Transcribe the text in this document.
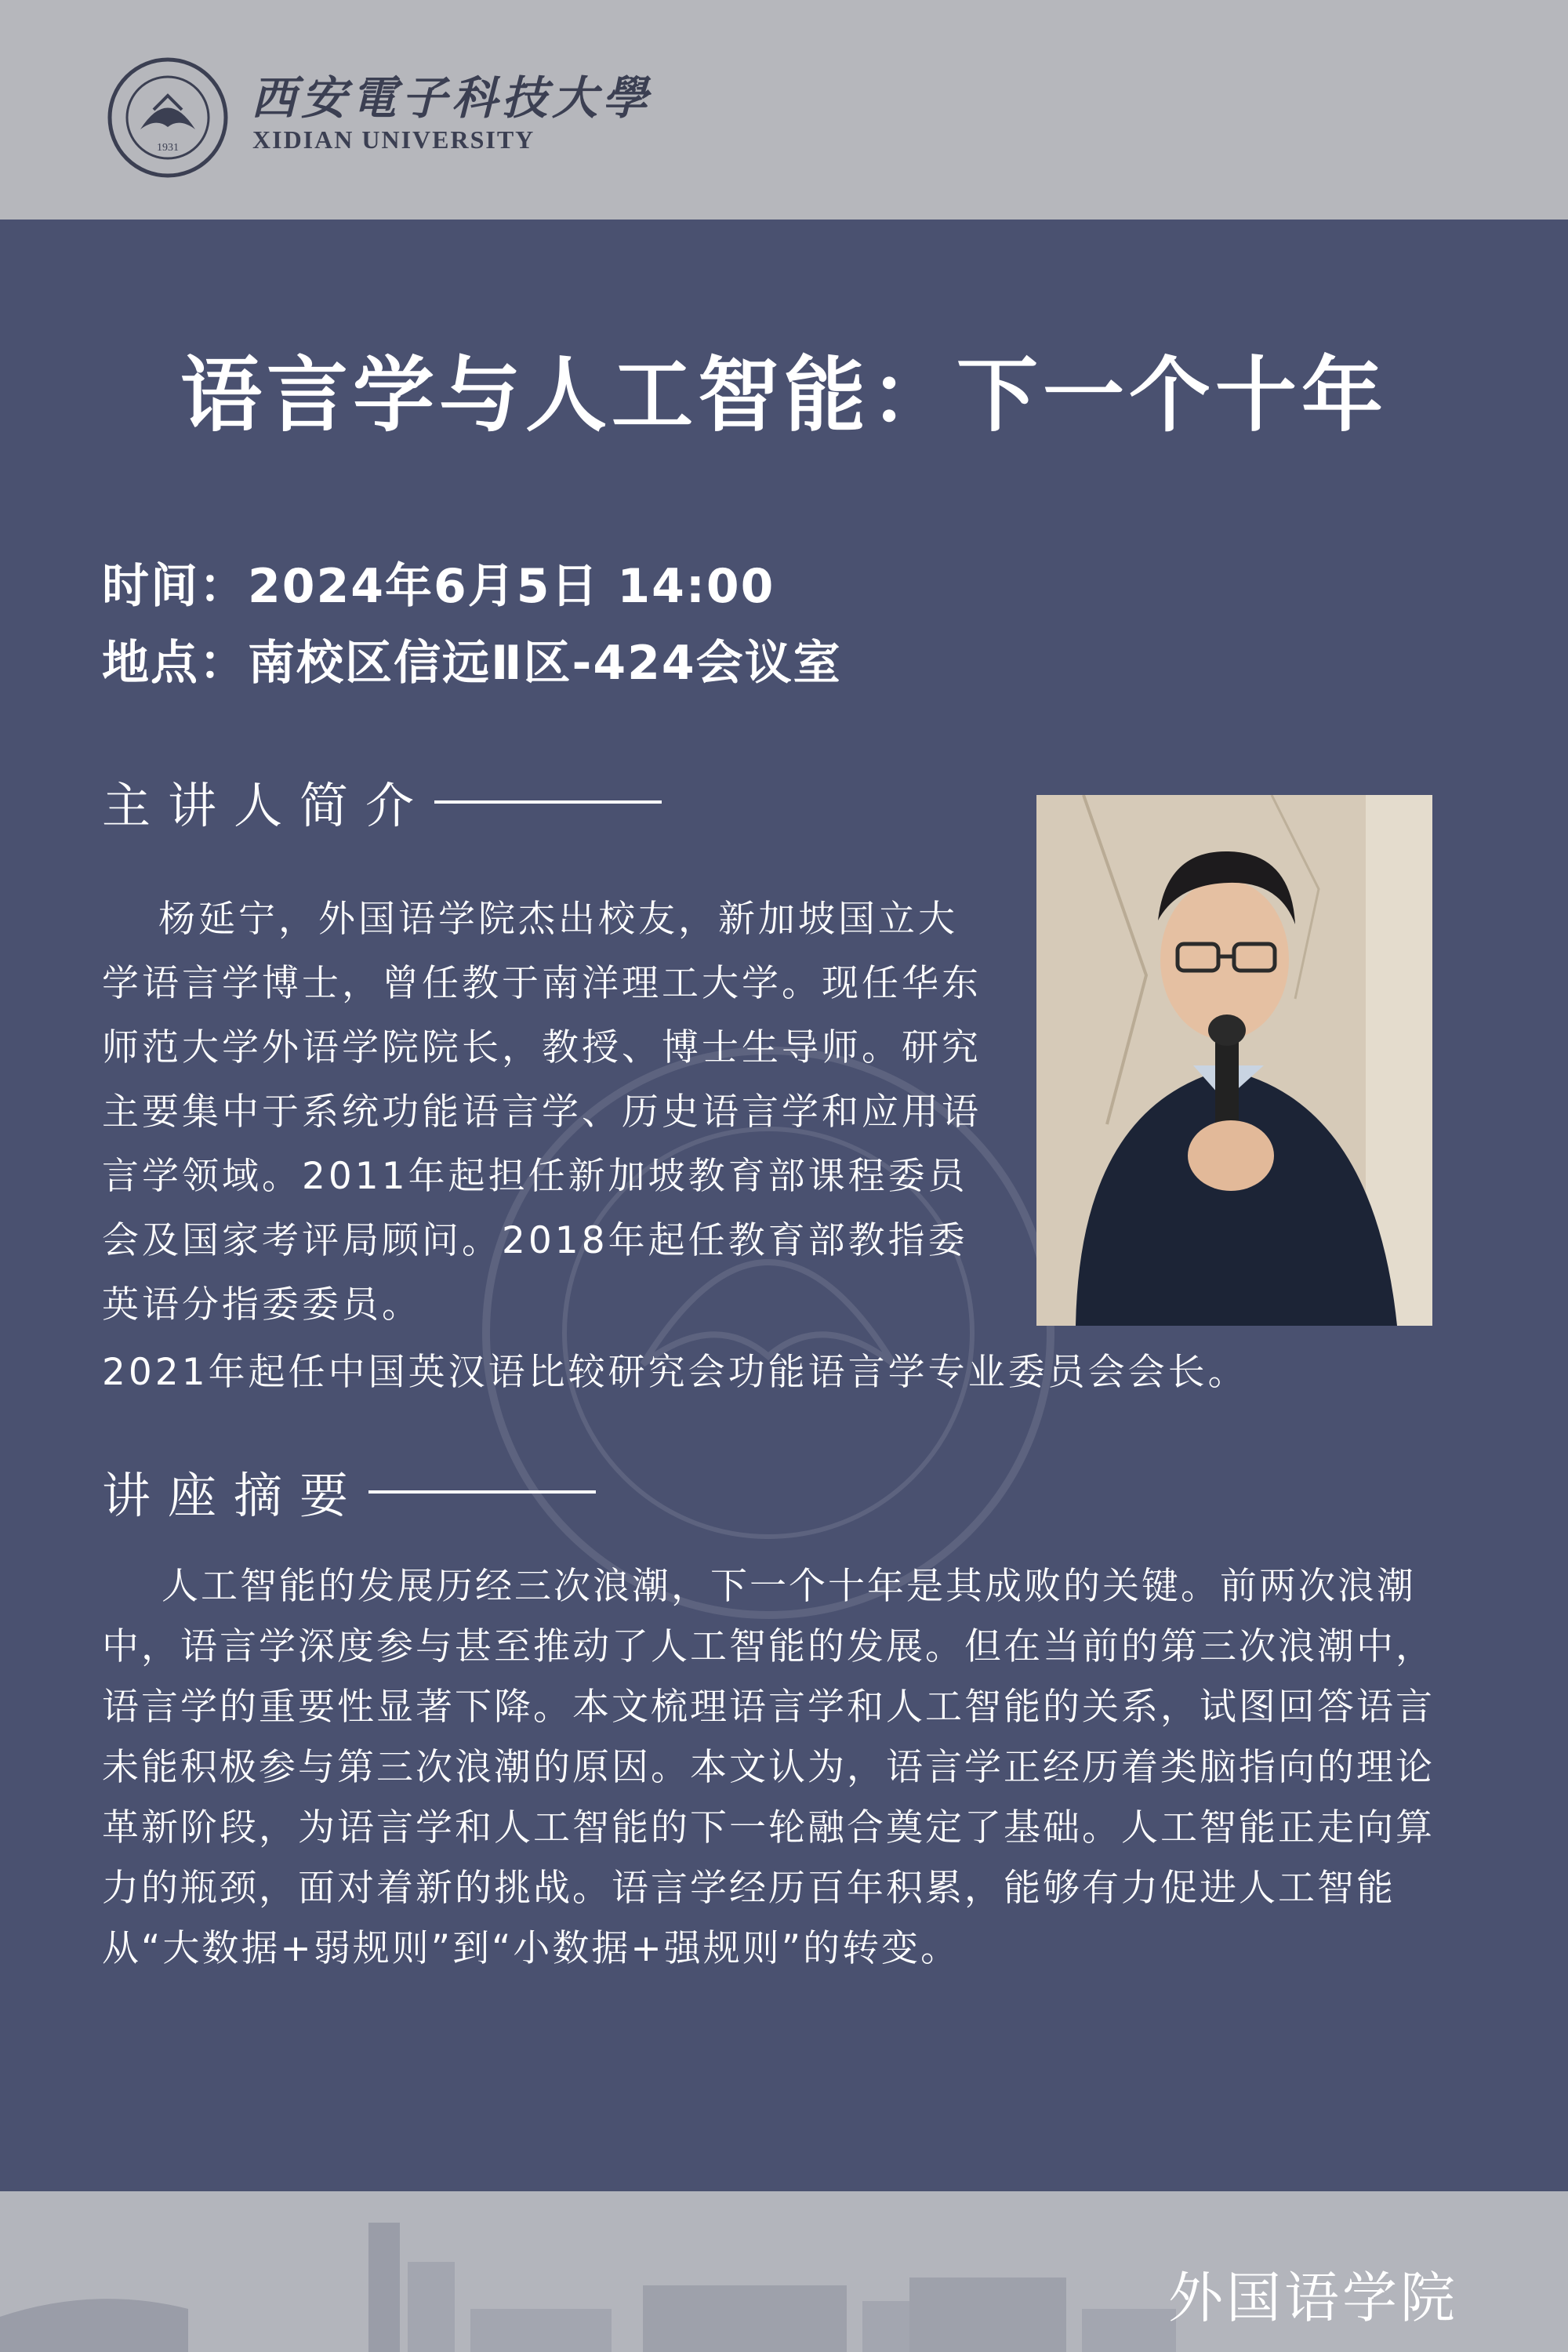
1931
西安電子科技大學
XIDIAN UNIVERSITY
语言学与人工智能：下一个十年
时间：2024年6月5日 14:00
地点：南校区信远Ⅱ区-424会议室
主讲人简介

杨延宁，外国语学院杰出校友，新加坡国立大学语言学博士，曾任教于南洋理工大学。现任华东师范大学外语学院院长，教授、博士生导师。研究主要集中于系统功能语言学、历史语言学和应用语言学领域。2011年起担任新加坡教育部课程委员会及国家考评局顾问。2018年起任教育部教指委英语分指委委员。

2021年起任中国英汉语比较研究会功能语言学专业委员会会长。

讲座摘要

人工智能的发展历经三次浪潮，下一个十年是其成败的关键。前两次浪潮中，语言学深度参与甚至推动了人工智能的发展。但在当前的第三次浪潮中，语言学的重要性显著下降。本文梳理语言学和人工智能的关系，试图回答语言未能积极参与第三次浪潮的原因。本文认为，语言学正经历着类脑指向的理论革新阶段，为语言学和人工智能的下一轮融合奠定了基础。人工智能正走向算力的瓶颈，面对着新的挑战。语言学经历百年积累，能够有力促进人工智能从“大数据+弱规则”到“小数据+强规则”的转变。

外国语学院
